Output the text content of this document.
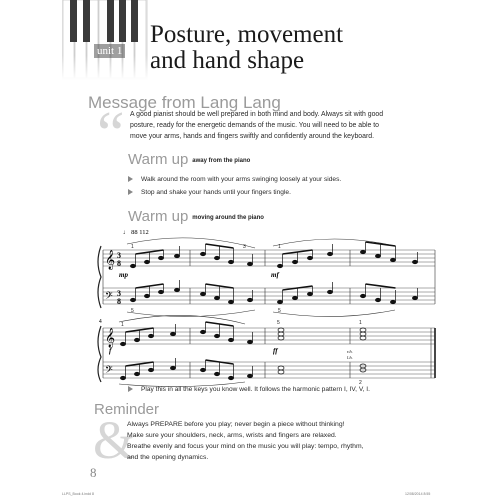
unit 1
Posture, movement
and hand shape
Message from Lang Lang
“ A good pianist should be well prepared in both mind and body. Always sit with good
posture, ready for the energetic demands of the music. You will need to be able to
move your arms, hands and fingers swiftly and confidently around the keyboard.
Warm up away from the piano
Walk around the room with your arms swinging loosely at your sides.
Stop and shake your hands until your fingers tingle.
Warm up moving around the piano
♩ 88 112
𝄞
𝄢
3
8
3
8
1
5
1
5
3
mp	mf
4
𝄞
𝄢
1	5	1
2
f	ff	r.h.
l.h.
Play this in all the keys you know well. It follows the harmonic pattern I, IV, V, I.
Reminder
&
Always PREPARE before you play; never begin a piece without thinking!
Make sure your shoulders, neck, arms, wrists and fingers are relaxed.
Breathe evenly and focus your mind on the music you will play: tempo, rhythm,
and the opening dynamics.
8
LLPS_Book 4.indd 8	12/08/2014 8:55
